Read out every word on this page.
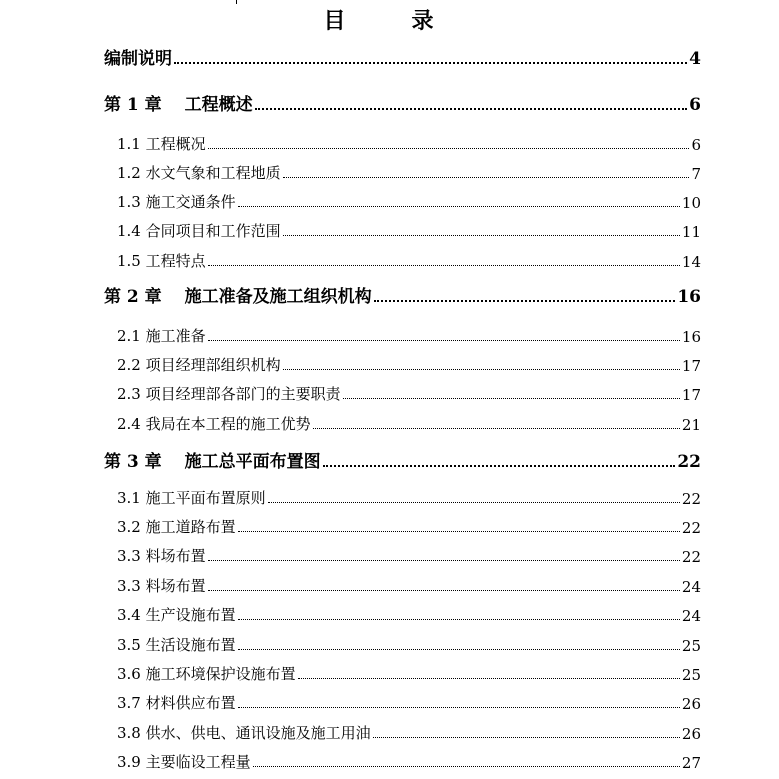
目　录
编制说明	4
第 1 章　 工程概述	6
1.1 工程概况	6
1.2 水文气象和工程地质	7
1.3 施工交通条件	10
1.4 合同项目和工作范围	11
1.5 工程特点	14
第 2 章　 施工准备及施工组织机构	16
2.1 施工准备	16
2.2 项目经理部组织机构	17
2.3 项目经理部各部门的主要职责	17
2.4 我局在本工程的施工优势	21
第 3 章　 施工总平面布置图	22
3.1 施工平面布置原则	22
3.2 施工道路布置	22
3.3 料场布置	22
3.3 料场布置	24
3.4 生产设施布置	24
3.5 生活设施布置	25
3.6 施工环境保护设施布置	25
3.7 材料供应布置	26
3.8 供水、供电、通讯设施及施工用油	26
3.9 主要临设工程量	27
